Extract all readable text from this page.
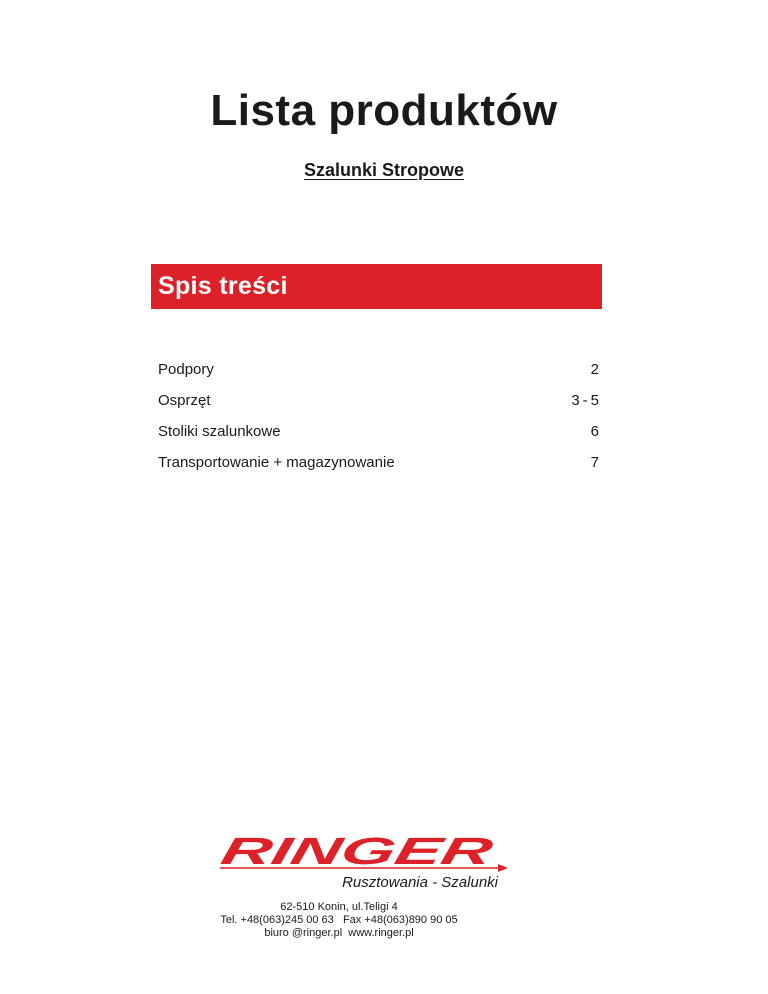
Lista produktów
Szalunki Stropowe
Spis treści
Podpory	2
Osprzęt	3-5
Stoliki szalunkowe	6
Transportowanie + magazynowanie	7
RINGER
Rusztowania - Szalunki
62-510 Konin, ul.Teligi 4
Tel. +48(063)245 00 63   Fax +48(063)890 90 05
biuro @ringer.pl  www.ringer.pl
